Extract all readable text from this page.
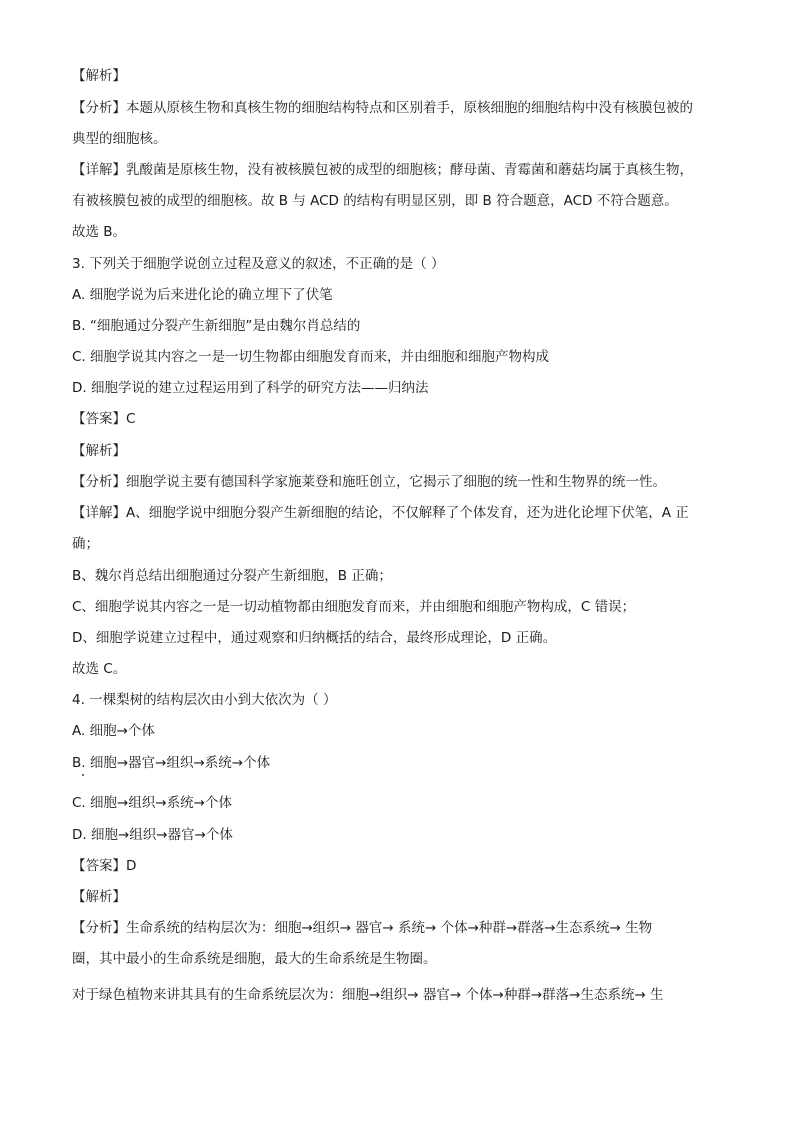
【解析】
【分析】本题从原核生物和真核生物的细胞结构特点和区别着手，原核细胞的细胞结构中没有核膜包被的
典型的细胞核。
【详解】乳酸菌是原核生物，没有被核膜包被的成型的细胞核；酵母菌、青霉菌和蘑菇均属于真核生物，
有被核膜包被的成型的细胞核。故 B 与 ACD 的结构有明显区别，即 B 符合题意，ACD 不符合题意。
故选 B。
3. 下列关于细胞学说创立过程及意义的叙述，不正确的是（ ）
A. 细胞学说为后来进化论的确立埋下了伏笔
B. “细胞通过分裂产生新细胞”是由魏尔肖总结的
C. 细胞学说其内容之一是一切生物都由细胞发育而来，并由细胞和细胞产物构成
D. 细胞学说的建立过程运用到了科学的研究方法——归纳法
【答案】C
【解析】
【分析】细胞学说主要有德国科学家施莱登和施旺创立，它揭示了细胞的统一性和生物界的统一性。
【详解】A、细胞学说中细胞分裂产生新细胞的结论，不仅解释了个体发育，还为进化论埋下伏笔，A 正
确；
B、魏尔肖总结出细胞通过分裂产生新细胞，B 正确；
C、细胞学说其内容之一是一切动植物都由细胞发育而来，并由细胞和细胞产物构成，C 错误；
D、细胞学说建立过程中，通过观察和归纳概括的结合，最终形成理论，D 正确。
故选 C。
4. 一棵梨树的结构层次由小到大依次为（ ）
A. 细胞→个体
B. 细胞→器官→组织→系统→个体
C. 细胞→组织→系统→个体
D. 细胞→组织→器官→个体
【答案】D
【解析】
【分析】生命系统的结构层次为：细胞→组织→ 器官→ 系统→ 个体→种群→群落→生态系统→ 生物
圈，其中最小的生命系统是细胞，最大的生命系统是生物圈。
对于绿色植物来讲其具有的生命系统层次为：细胞→组织→ 器官→ 个体→种群→群落→生态系统→ 生
